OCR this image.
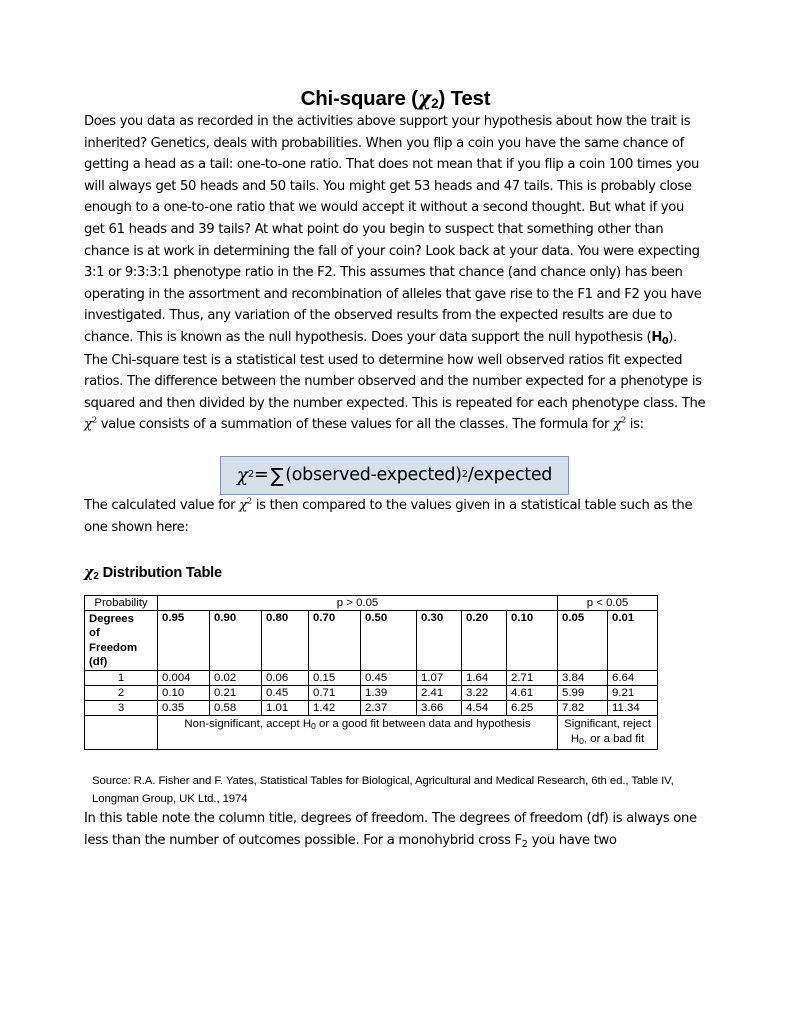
Chi-square $(\chi_2)$ Test

Does you data as recorded in the activities above support your hypothesis about how the trait is inherited? Genetics, deals with probabilities. When you flip a coin you have the same chance of getting a head as a tail: one-to-one ratio. That does not mean that if you flip a coin 100 times you will always get 50 heads and 50 tails. You might get 53 heads and 47 tails. This is probably close enough to a one-to-one ratio that we would accept it without a second thought. But what if you get 61 heads and 39 tails? At what point do you begin to suspect that something other than chance is at work in determining the fall of your coin? Look back at your data. You were expecting 3:1 or 9:3:3:1 phenotype ratio in the F2. This assumes that chance (and chance only) has been operating in the assortment and recombination of alleles that gave rise to the F1 and F2 you have investigated. Thus, any variation of the observed results from the expected results are due to chance. This is known as the null hypothesis. Does your data support the null hypothesis $(H_0)$.

The Chi-square test is a statistical test used to determine how well observed ratios fit expected ratios. The difference between the number observed and the number expected for a phenotype is squared and then divided by the number expected. This is repeated for each phenotype class. The $\chi^2$ value consists of a summation of these values for all the classes. The formula for $\chi^2$ is:

χ 2 = ∑ (observed-expected) 2 /expected

The calculated value for $\chi^2$ is then compared to the values given in a statistical table such as the one shown here:

$\chi_2$ Distribution Table
Probability	p > 0.05								p < 0.05	
Degrees
of
Freedom
(df)	0.95	0.90	0.80	0.70	0.50	0.30	0.20	0.10	0.05	0.01
1	0.004	0.02	0.06	0.15	0.45	1.07	1.64	2.71	3.84	6.64
2	0.10	0.21	0.45	0.71	1.39	2.41	3.22	4.61	5.99	9.21
3	0.35	0.58	1.01	1.42	2.37	3.66	4.54	6.25	7.82	11.34
	Non-significant, accept H0 or a good fit between data and hypothesis								Significant, reject H0, or a bad fit	

Source: R.A. Fisher and F. Yates, Statistical Tables for Biological, Agricultural and Medical Research, 6th ed., Table IV, Longman Group, UK Ltd., 1974

In this table note the column title, degrees of freedom. The degrees of freedom (df) is always one less than the number of outcomes possible. For a monohybrid cross $F_2$ you have two
